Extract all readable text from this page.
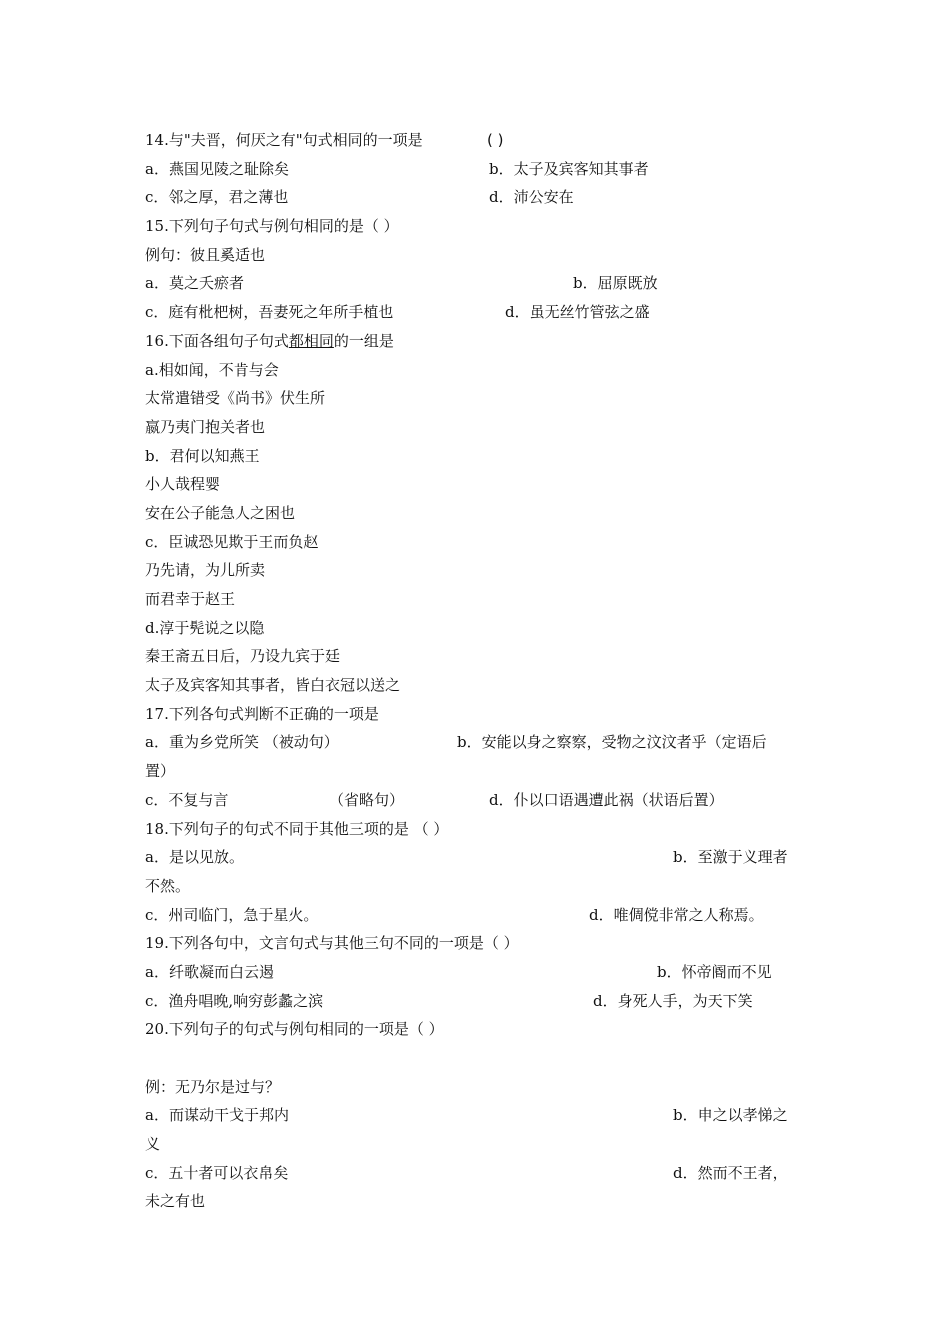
14.与"夫晋，何厌之有"句式相同的一项是	( )
a．燕国见陵之耻除矣	b．太子及宾客知其事者
c．邻之厚，君之薄也	d．沛公安在
15.下列句子句式与例句相同的是（ ）
例句：彼且奚适也
a．莫之夭瘀者	b．屈原既放
c．庭有枇杷树，吾妻死之年所手植也	d．虽无丝竹管弦之盛
16.下面各组句子句式都相同的一组是
a.相如闻，不肯与会
太常遣错受《尚书》伏生所
嬴乃夷门抱关者也
b．君何以知燕王
小人哉程婴
安在公子能急人之困也
c．臣诚恐见欺于王而负赵
乃先请，为儿所卖
而君幸于赵王
d.淳于髡说之以隐
秦王斋五日后，乃设九宾于廷
太子及宾客知其事者，皆白衣冠以送之
17.下列各句式判断不正确的一项是
a．重为乡党所笑 （被动句）	b．安能以身之察察，受物之汶汶者乎（定语后
置）
c．不复与言	（省略句）	d．仆以口语遇遭此祸（状语后置）
18.下列句子的句式不同于其他三项的是 （ ）
a．是以见放。	b．至激于义理者
不然。
c．州司临门，急于星火。	d．唯倜傥非常之人称焉。
19.下列各句中，文言句式与其他三句不同的一项是（ ）
a．纤歌凝而白云遏	b．怀帝阍而不见
c．渔舟唱晚,响穷彭蠡之滨	d．身死人手，为天下笑
20.下列句子的句式与例句相同的一项是（ ）
例：无乃尔是过与？
a．而谋动干戈于邦内	b．申之以孝悌之
义
c．五十者可以衣帛矣	d．然而不王者，
未之有也
